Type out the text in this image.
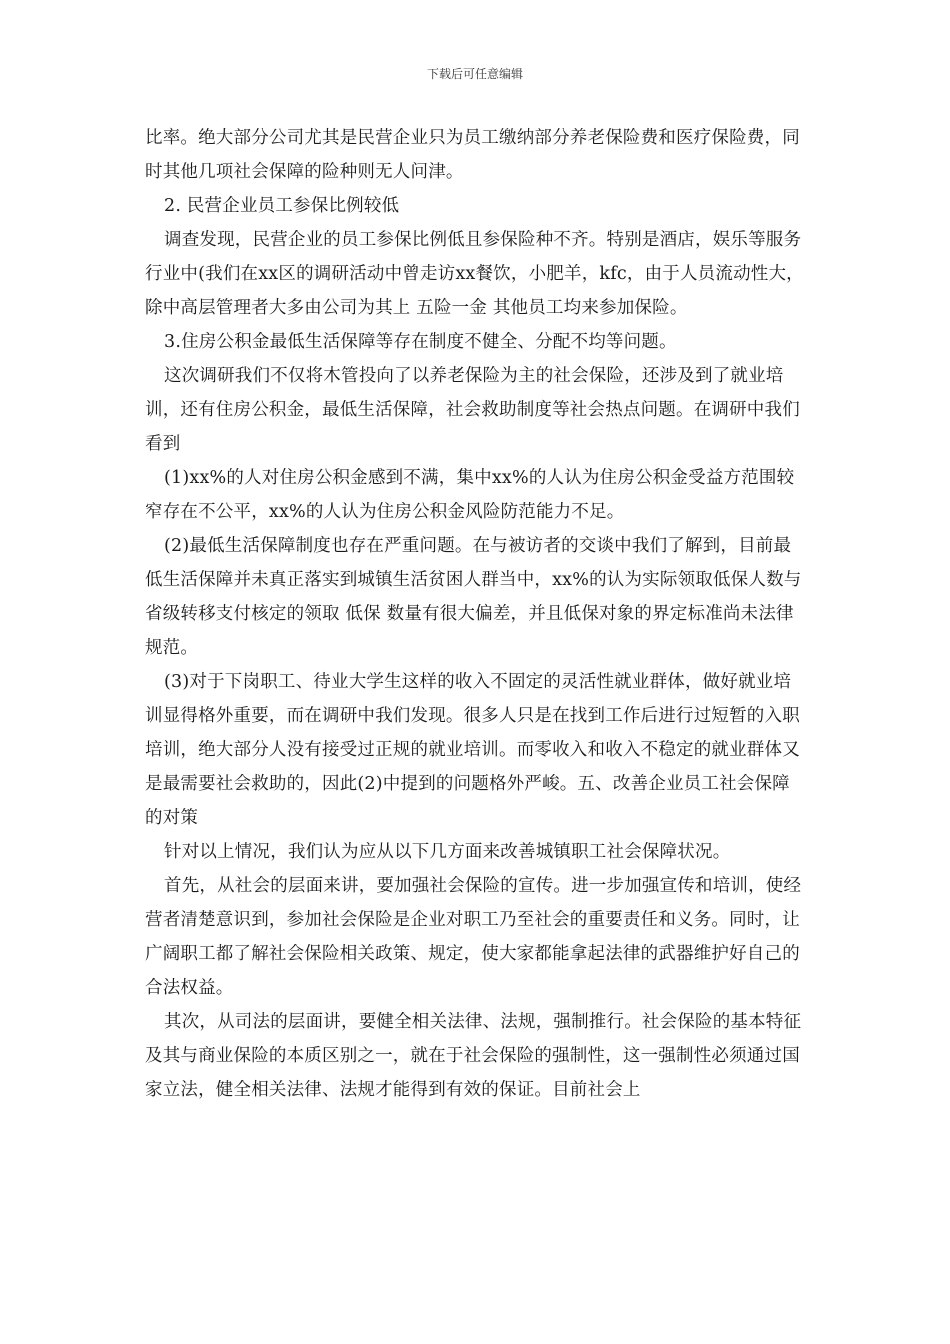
下载后可任意编辑

比率。绝大部分公司尤其是民营企业只为员工缴纳部分养老保险费和医疗保险费，同时其他几项社会保障的险种则无人问津。

2. 民营企业员工参保比例较低

调查发现，民营企业的员工参保比例低且参保险种不齐。特别是酒店，娱乐等服务行业中(我们在xx区的调研活动中曾走访xx餐饮，小肥羊，kfc，由于人员流动性大，除中高层管理者大多由公司为其上 五险一金 其他员工均来参加保险。

3.住房公积金最低生活保障等存在制度不健全、分配不均等问题。

这次调研我们不仅将木管投向了以养老保险为主的社会保险，还涉及到了就业培训，还有住房公积金，最低生活保障，社会救助制度等社会热点问题。在调研中我们看到

(1)xx%的人对住房公积金感到不满，集中xx%的人认为住房公积金受益方范围较窄存在不公平，xx%的人认为住房公积金风险防范能力不足。

(2)最低生活保障制度也存在严重问题。在与被访者的交谈中我们了解到，目前最低生活保障并未真正落实到城镇生活贫困人群当中，xx%的认为实际领取低保人数与省级转移支付核定的领取 低保 数量有很大偏差，并且低保对象的界定标准尚未法律规范。

(3)对于下岗职工、待业大学生这样的收入不固定的灵活性就业群体，做好就业培训显得格外重要，而在调研中我们发现。很多人只是在找到工作后进行过短暂的入职培训，绝大部分人没有接受过正规的就业培训。而零收入和收入不稳定的就业群体又是最需要社会救助的，因此(2)中提到的问题格外严峻。五、改善企业员工社会保障的对策

针对以上情况，我们认为应从以下几方面来改善城镇职工社会保障状况。

首先，从社会的层面来讲，要加强社会保险的宣传。进一步加强宣传和培训，使经营者清楚意识到，参加社会保险是企业对职工乃至社会的重要责任和义务。同时，让广阔职工都了解社会保险相关政策、规定，使大家都能拿起法律的武器维护好自己的合法权益。

其次，从司法的层面讲，要健全相关法律、法规，强制推行。社会保险的基本特征及其与商业保险的本质区别之一，就在于社会保险的强制性，这一强制性必须通过国家立法，健全相关法律、法规才能得到有效的保证。目前社会上
